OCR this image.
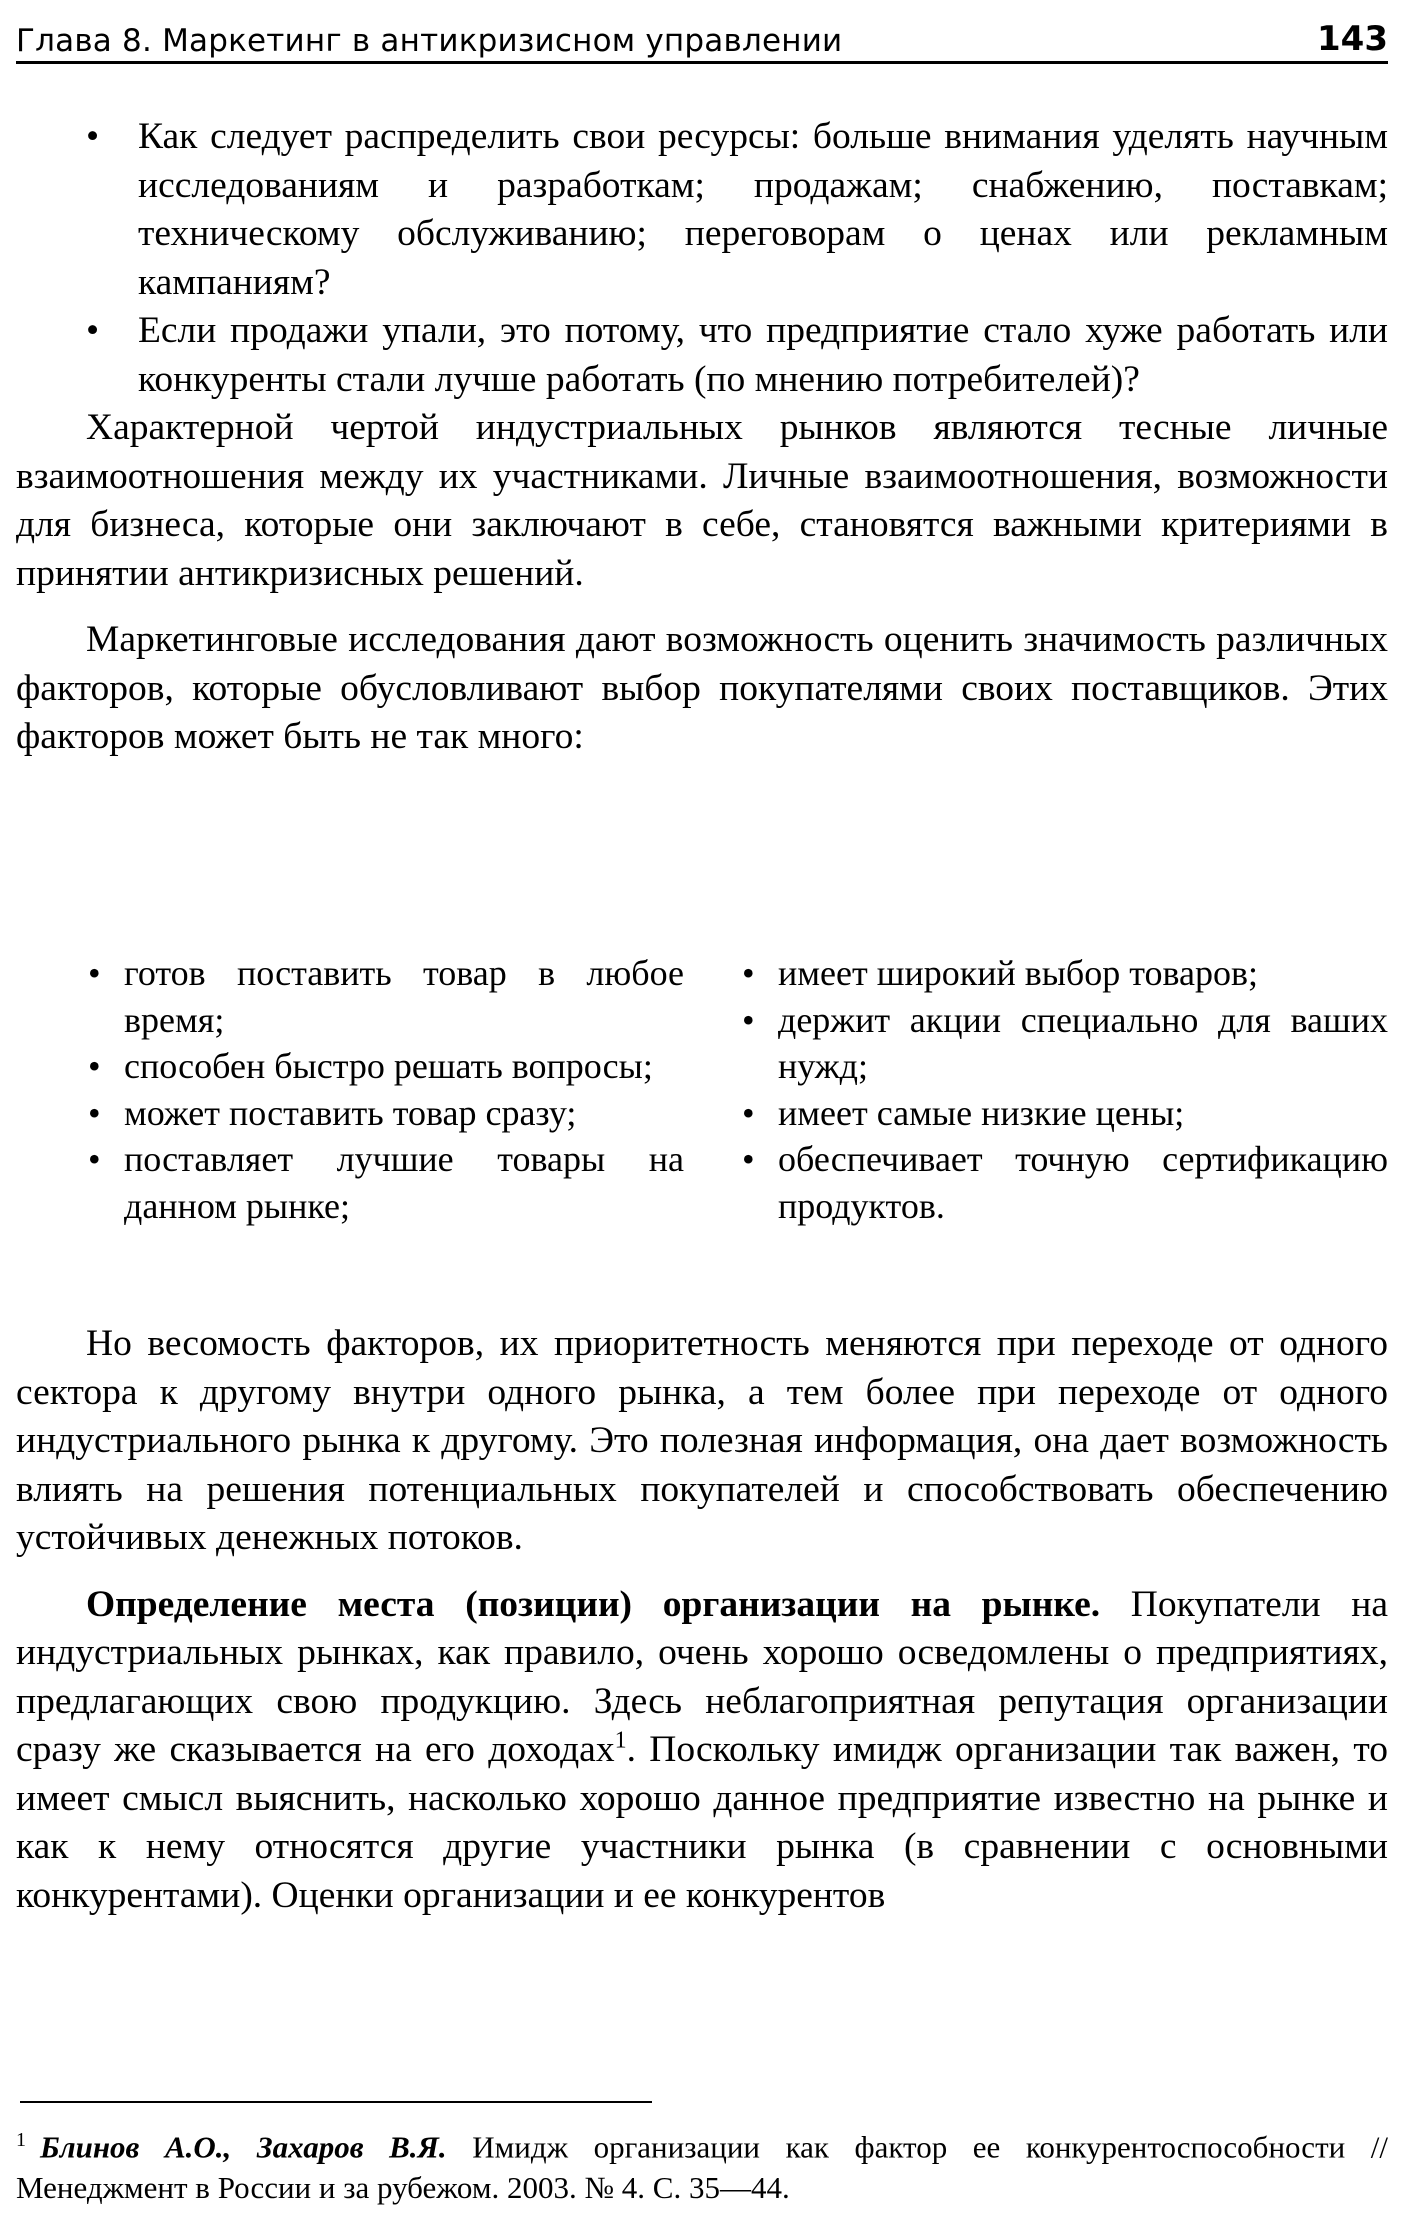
Глава 8. Маркетинг в антикризисном управлении	143
• Как следует распределить свои ресурсы: больше внимания уделять научным исследованиям и разработкам; продажам; снабжению, поставкам; техническому обслуживанию; переговорам о ценах или рекламным кампаниям?
• Если продажи упали, это потому, что предприятие стало хуже работать или конкуренты стали лучше работать (по мнению потребителей)?

Характерной чертой индустриальных рынков являются тесные личные взаимоотношения между их участниками. Личные взаимоотношения, возможности для бизнеса, которые они заключают в себе, становятся важными критериями в принятии антикризисных решений.

Маркетинговые исследования дают возможность оценить значимость различных факторов, которые обусловливают выбор покупателями своих поставщиков. Этих факторов может быть не так много:

• готов поставить товар в любое время;
• способен быстро решать вопросы;
• может поставить товар сразу;
• поставляет лучшие товары на данном рынке;
• имеет широкий выбор товаров;
• держит акции специально для ваших нужд;
• имеет самые низкие цены;
• обеспечивает точную сертификацию продуктов.

Но весомость факторов, их приоритетность меняются при переходе от одного сектора к другому внутри одного рынка, а тем более при переходе от одного индустриального рынка к другому. Это полезная информация, она дает возможность влиять на решения потенциальных покупателей и способствовать обеспечению устойчивых денежных потоков.

Определение места (позиции) организации на рынке. Покупатели на индустриальных рынках, как правило, очень хорошо осведомлены о предприятиях, предлагающих свою продукцию. Здесь неблагоприятная репутация организации сразу же сказывается на его доходах$^1$. Поскольку имидж организации так важен, то имеет смысл выяснить, насколько хорошо данное предприятие известно на рынке и как к нему относятся другие участники рынка (в сравнении с основными конкурентами). Оценки организации и ее конкурентов

$^1$ Блинов А.О., Захаров В.Я. Имидж организации как фактор ее конкурентоспособности // Менеджмент в России и за рубежом. 2003. № 4. С. 35—44.
